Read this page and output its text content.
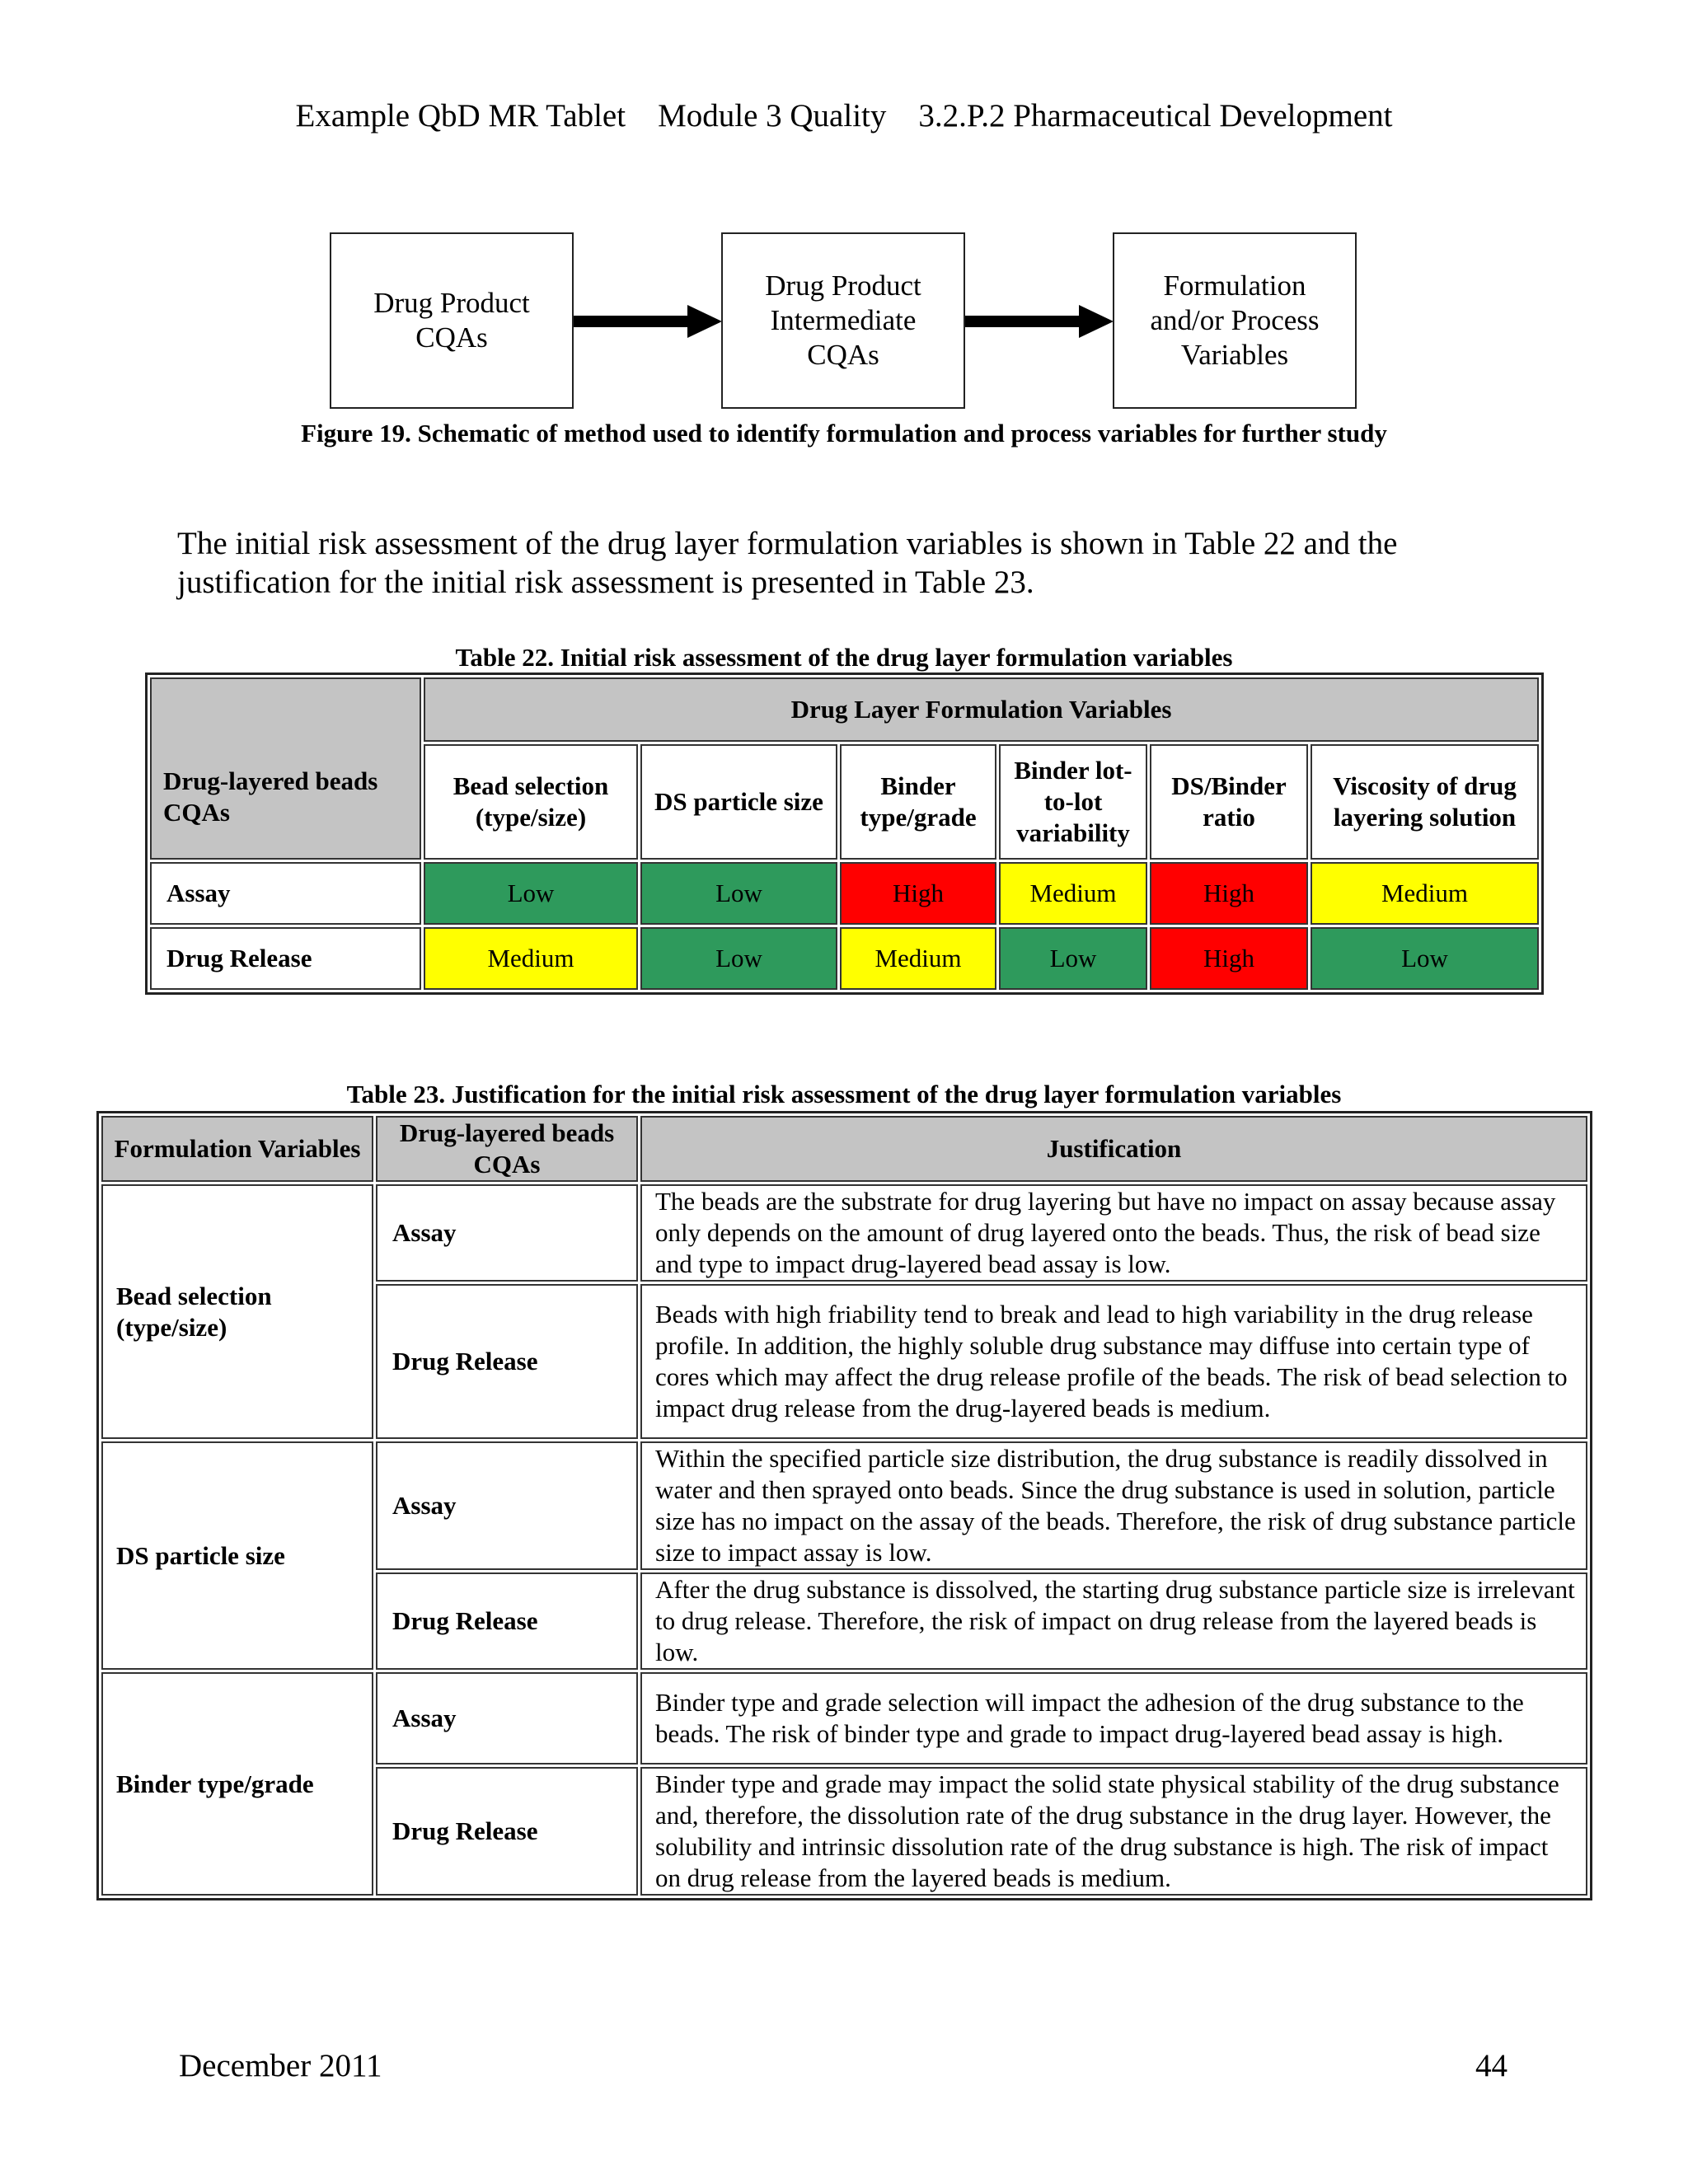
Example QbD MR Tablet    Module 3 Quality    3.2.P.2 Pharmaceutical Development
Drug Product
CQAs
Drug Product
Intermediate
CQAs
Formulation
and/or Process
Variables
Figure 19. Schematic of method used to identify formulation and process variables for further study
The initial risk assessment of the drug layer formulation variables is shown in Table 22 and the justification for the initial risk assessment is presented in Table 23.
Table 22. Initial risk assessment of the drug layer formulation variables
Drug-layered beads CQAs	Drug Layer Formulation Variables					
	Bead selection (type/size)	DS particle size	Binder type/grade	Binder lot-to-lot variability	DS/Binder ratio	Viscosity of drug layering solution
Assay	Low	Low	High	Medium	High	Medium
Drug Release	Medium	Low	Medium	Low	High	Low
Table 23. Justification for the initial risk assessment of the drug layer formulation variables
Formulation Variables	Drug-layered beads CQAs	Justification
Bead selection (type/size)	Assay	The beads are the substrate for drug layering but have no impact on assay because assay only depends on the amount of drug layered onto the beads. Thus, the risk of bead size and type to impact drug-layered bead assay is low.
	Drug Release	Beads with high friability tend to break and lead to high variability in the drug release profile. In addition, the highly soluble drug substance may diffuse into certain type of cores which may affect the drug release profile of the beads. The risk of bead selection to impact drug release from the drug-layered beads is medium.
DS particle size	Assay	Within the specified particle size distribution, the drug substance is readily dissolved in water and then sprayed onto beads. Since the drug substance is used in solution, particle size has no impact on the assay of the beads. Therefore, the risk of drug substance particle size to impact assay is low.
	Drug Release	After the drug substance is dissolved, the starting drug substance particle size is irrelevant to drug release. Therefore, the risk of impact on drug release from the layered beads is low.
Binder type/grade	Assay	Binder type and grade selection will impact the adhesion of the drug substance to the beads. The risk of binder type and grade to impact drug-layered bead assay is high.
	Drug Release	Binder type and grade may impact the solid state physical stability of the drug substance and, therefore, the dissolution rate of the drug substance in the drug layer. However, the solubility and intrinsic dissolution rate of the drug substance is high. The risk of impact on drug release from the layered beads is medium.
December 2011	44
